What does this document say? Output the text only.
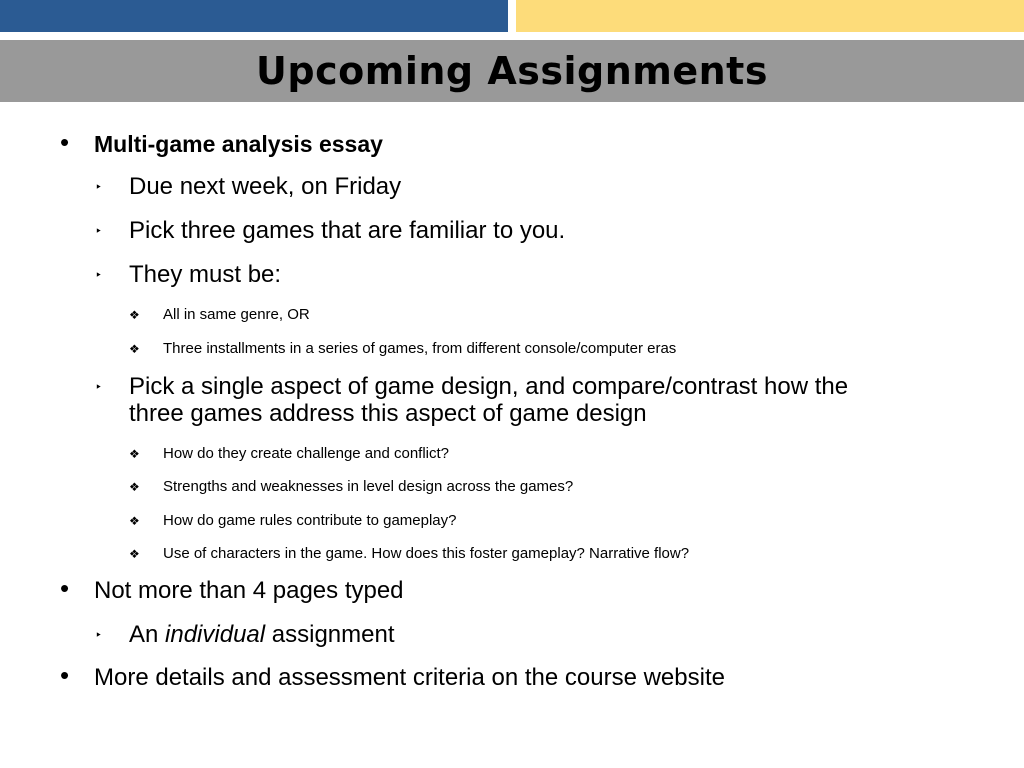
Upcoming Assignments
• Multi-game analysis essay
‣ Due next week, on Friday
‣ Pick three games that are familiar to you.
‣ They must be:
❖ All in same genre, OR
❖ Three installments in a series of games, from different console/computer eras
‣ Pick a single aspect of game design, and compare/contrast how the
three games address this aspect of game design
❖ How do they create challenge and conflict?
❖ Strengths and weaknesses in level design across the games?
❖ How do game rules contribute to gameplay?
❖ Use of characters in the game. How does this foster gameplay? Narrative flow?
• Not more than 4 pages typed
‣ An individual assignment
• More details and assessment criteria on the course website
